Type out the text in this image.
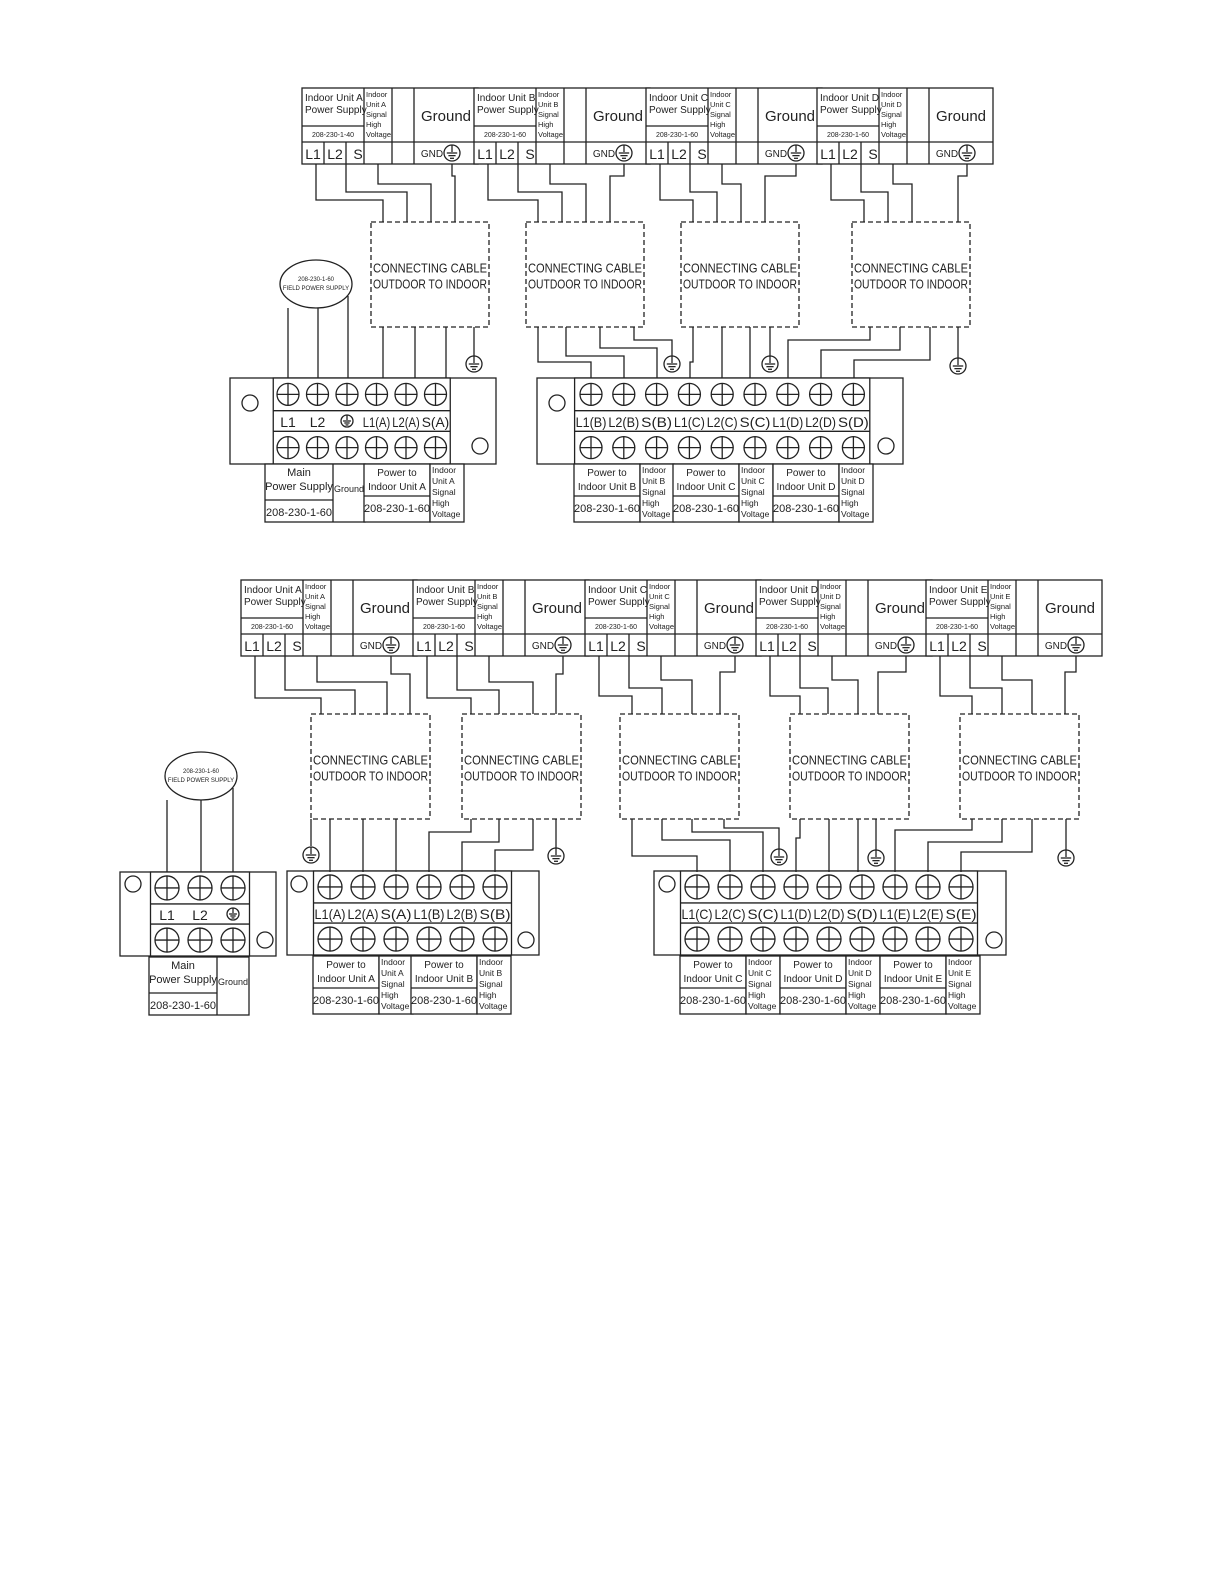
Indoor Unit A
Power Supply
208-230-1-40
Indoor
Unit A
Signal
High
Voltage
Ground
L1 L2 S	GND
Indoor Unit B
Power Supply
208-230-1-60
Indoor
Unit B
Signal
High
Voltage
Ground
L1 L2 S	GND
Indoor Unit C
Power Supply
208-230-1-60
Indoor
Unit C
Signal
High
Voltage
Ground
L1 L2 S	GND
Indoor Unit D
Power Supply
208-230-1-60
Indoor
Unit D
Signal
High
Voltage
Ground
L1 L2 S	GND
CONNECTING CABLE
OUTDOOR TO INDOOR
CONNECTING CABLE
OUTDOOR TO INDOOR
CONNECTING CABLE
OUTDOOR TO INDOOR
CONNECTING CABLE
OUTDOOR TO INDOOR
208-230-1-60
FIELD POWER SUPPLY
L1 L2	L1(A) L2(A) S(A)	L1(B) L2(B) S(B) L1(C) L2(C) S(C) L1(D) L2(D) S(D)
Main
Power Supply Ground
208-230-1-60
Power to
Indoor Unit A
208-230-1-60
Indoor
Unit A
Signal
High
Voltage
Power to
Indoor Unit B
208-230-1-60
Indoor
Unit B
Signal
High
Voltage
Power to
Indoor Unit C
208-230-1-60
Indoor
Unit C
Signal
High
Voltage
Power to
Indoor Unit D
208-230-1-60
Indoor
Unit D
Signal
High
Voltage
Indoor Unit A
Power Supply
208-230-1-60
Indoor
Unit A
Signal
High
Voltage
Ground
L1 L2 S	GND
Indoor Unit B
Power Supply
208-230-1-60
Indoor
Unit B
Signal
High
Voltage
Ground
L1 L2 S	GND
Indoor Unit C
Power Supply
208-230-1-60
Indoor
Unit C
Signal
High
Voltage
Ground
L1 L2 S	GND
Indoor Unit D
Power Supply
208-230-1-60
Indoor
Unit D
Signal
High
Voltage
Ground
L1 L2 S	GND
Indoor Unit E
Power Supply
208-230-1-60
Indoor
Unit E
Signal
High
Voltage
Ground
L1 L2 S	GND
CONNECTING CABLE
OUTDOOR TO INDOOR
CONNECTING CABLE
OUTDOOR TO INDOOR
CONNECTING CABLE
OUTDOOR TO INDOOR
CONNECTING CABLE
OUTDOOR TO INDOOR
CONNECTING CABLE
OUTDOOR TO INDOOR
208-230-1-60
FIELD POWER SUPPLY
L1 L2	L1(A) L2(A) S(A) L1(B) L2(B) S(B)	L1(C) L2(C) S(C) L1(D) L2(D) S(D) L1(E) L2(E) S(E)
Main
Power Supply Ground
208-230-1-60
Power to
Indoor Unit A
208-230-1-60
Indoor
Unit A
Signal
High
Voltage
Power to
Indoor Unit B
208-230-1-60
Indoor
Unit B
Signal
High
Voltage
Power to
Indoor Unit C
208-230-1-60
Indoor
Unit C
Signal
High
Voltage
Power to
Indoor Unit D
208-230-1-60
Indoor
Unit D
Signal
High
Voltage
Power to
Indoor Unit E
208-230-1-60
Indoor
Unit E
Signal
High
Voltage
